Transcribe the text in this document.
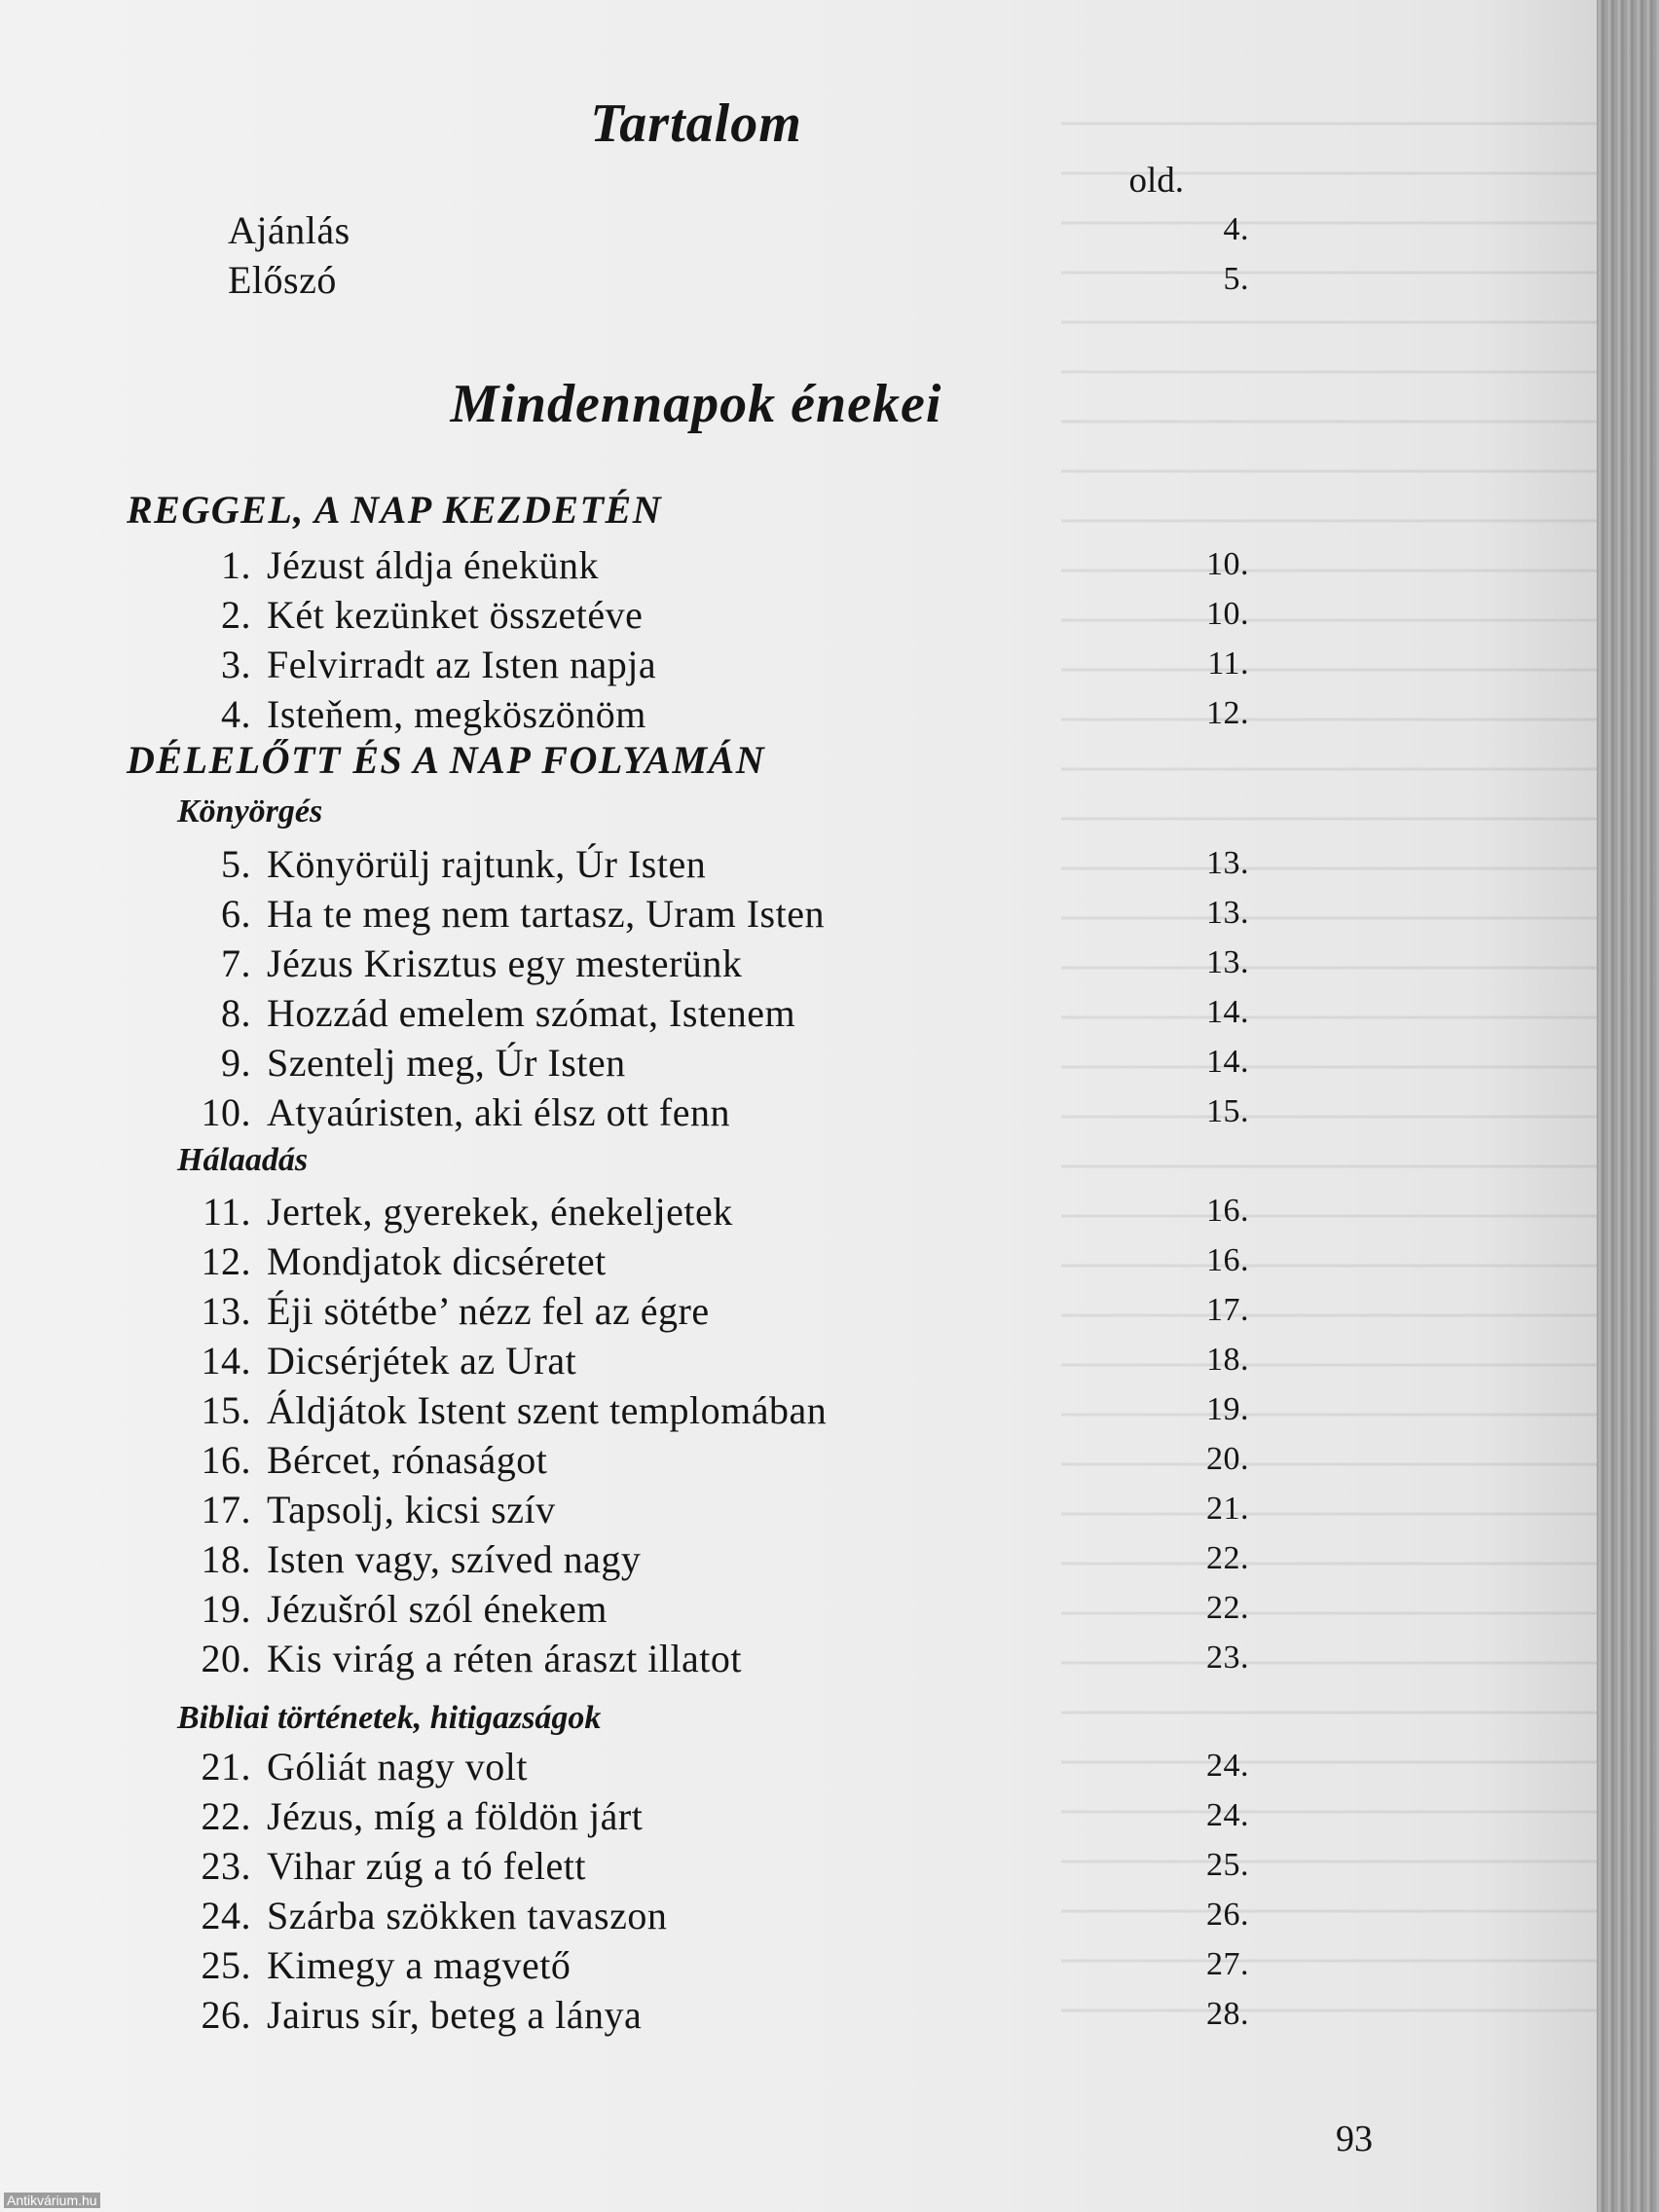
Tartalom
old.
Ajánlás	4.
Előszó	5.
Mindennapok énekei
REGGEL, A NAP KEZDETÉN
1. Jézust áldja énekünk	10.
2. Két kezünket összetéve	10.
3. Felvirradt az Isten napja	11.
4. Isteňem, megköszönöm	12.
DÉLELŐTT ÉS A NAP FOLYAMÁN
Könyörgés
5. Könyörülj rajtunk, Úr Isten	13.
6. Ha te meg nem tartasz, Uram Isten	13.
7. Jézus Krisztus egy mesterünk	13.
8. Hozzád emelem szómat, Istenem	14.
9. Szentelj meg, Úr Isten	14.
10. Atyaúristen, aki élsz ott fenn	15.
Hálaadás
11. Jertek, gyerekek, énekeljetek	16.
12. Mondjatok dicséretet	16.
13. Éji sötétbe’ nézz fel az égre	17.
14. Dicsérjétek az Urat	18.
15. Áldjátok Istent szent templomában	19.
16. Bércet, rónaságot	20.
17. Tapsolj, kicsi szív	21.
18. Isten vagy, szíved nagy	22.
19. Jézušról szól énekem	22.
20. Kis virág a réten áraszt illatot	23.
Bibliai történetek, hitigazságok
21. Góliát nagy volt	24.
22. Jézus, míg a földön járt	24.
23. Vihar zúg a tó felett	25.
24. Szárba szökken tavaszon	26.
25. Kimegy a magvető	27.
26. Jairus sír, beteg a lánya	28.
93
Antikvárium.hu
